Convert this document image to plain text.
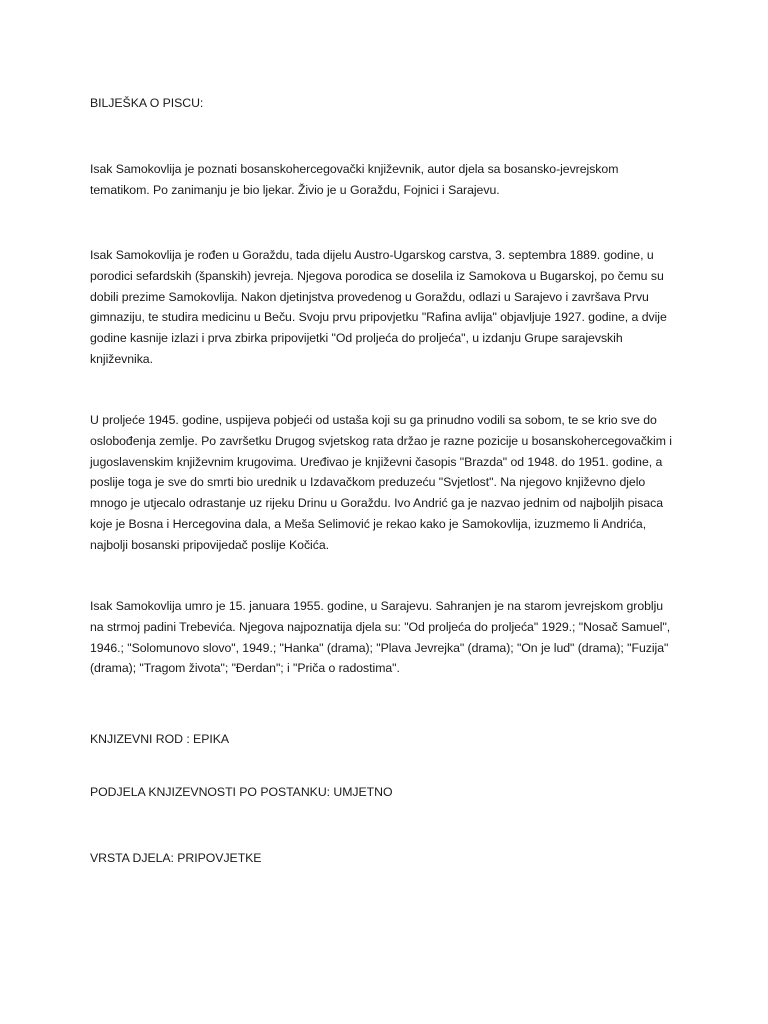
BILJEŠKA O PISCU:

Isak Samokovlija je poznati bosanskohercegovački književnik, autor djela sa bosansko-jevrejskom tematikom. Po zanimanju je bio ljekar. Živio je u Goraždu, Fojnici i Sarajevu.

Isak Samokovlija je rođen u Goraždu, tada dijelu Austro-Ugarskog carstva, 3. septembra 1889. godine, u porodici sefardskih (španskih) jevreja. Njegova porodica se doselila iz Samokova u Bugarskoj, po čemu su dobili prezime Samokovlija. Nakon djetinjstva provedenog u Goraždu, odlazi u Sarajevo i završava Prvu gimnaziju, te studira medicinu u Beču. Svoju prvu pripovjetku "Rafina avlija" objavljuje 1927. godine, a dvije godine kasnije izlazi i prva zbirka pripovijetki "Od proljeća do proljeća", u izdanju Grupe sarajevskih književnika.

U proljeće 1945. godine, uspijeva pobjeći od ustaša koji su ga prinudno vodili sa sobom, te se krio sve do oslobođenja zemlje. Po završetku Drugog svjetskog rata držao je razne pozicije u bosanskohercegovačkim i jugoslavenskim književnim krugovima. Uređivao je književni časopis "Brazda" od 1948. do 1951. godine, a poslije toga je sve do smrti bio urednik u Izdavačkom preduzeću "Svjetlost". Na njegovo književno djelo mnogo je utjecalo odrastanje uz rijeku Drinu u Goraždu. Ivo Andrić ga je nazvao jednim od najboljih pisaca koje je Bosna i Hercegovina dala, a Meša Selimović je rekao kako je Samokovlija, izuzmemo li Andrića, najbolji bosanski pripovijedač poslije Kočića.

Isak Samokovlija umro je 15. januara 1955. godine, u Sarajevu. Sahranjen je na starom jevrejskom groblju na strmoj padini Trebevića. Njegova najpoznatija djela su: "Od proljeća do proljeća" 1929.; "Nosač Samuel", 1946.; "Solomunovo slovo", 1949.; "Hanka" (drama); "Plava Jevrejka" (drama); "On je lud" (drama); "Fuzija" (drama); "Tragom života"; "Đerdan"; i "Priča o radostima".

KNJIZEVNI ROD : EPIKA

PODJELA KNJIZEVNOSTI PO POSTANKU: UMJETNO

VRSTA DJELA: PRIPOVJETKE
